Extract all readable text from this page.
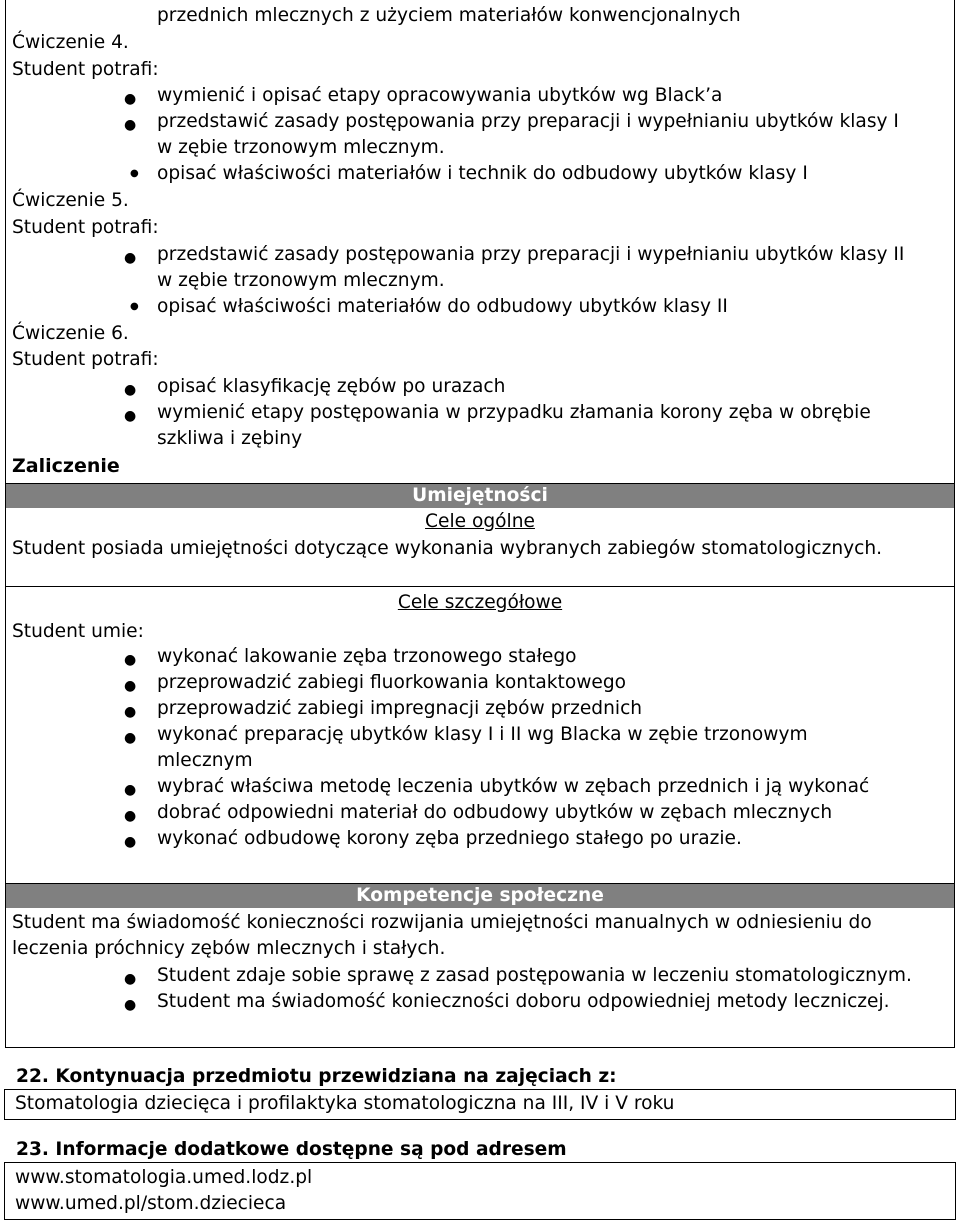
przednich mlecznych z użyciem materiałów konwencjonalnych
Ćwiczenie 4.
Student potrafi:
● wymienić i opisać etapy opracowywania ubytków wg Black’a
● przedstawić zasady postępowania przy preparacji i wypełnianiu ubytków klasy I
w zębie trzonowym mlecznym.
● opisać właściwości materiałów i technik do odbudowy ubytków klasy I
Ćwiczenie 5.
Student potrafi:
● przedstawić zasady postępowania przy preparacji i wypełnianiu ubytków klasy II
w zębie trzonowym mlecznym.
● opisać właściwości materiałów do odbudowy ubytków klasy II
Ćwiczenie 6.
Student potrafi:
● opisać klasyfikację zębów po urazach
● wymienić etapy postępowania w przypadku złamania korony zęba w obrębie
szkliwa i zębiny
Zaliczenie
Umiejętności
Cele ogólne
Student posiada umiejętności dotyczące wykonania wybranych zabiegów stomatologicznych.
Cele szczegółowe
Student umie:
● wykonać lakowanie zęba trzonowego stałego
● przeprowadzić zabiegi fluorkowania kontaktowego
● przeprowadzić zabiegi impregnacji zębów przednich
● wykonać preparację ubytków klasy I i II wg Blacka w zębie trzonowym
mlecznym
● wybrać właściwa metodę leczenia ubytków w zębach przednich i ją wykonać
● dobrać odpowiedni materiał do odbudowy ubytków w zębach mlecznych
● wykonać odbudowę korony zęba przedniego stałego po urazie.
Kompetencje społeczne
Student ma świadomość konieczności rozwijania umiejętności manualnych w odniesieniu do
leczenia próchnicy zębów mlecznych i stałych.
● Student zdaje sobie sprawę z zasad postępowania w leczeniu stomatologicznym.
● Student ma świadomość konieczności doboru odpowiedniej metody leczniczej.
22. Kontynuacja przedmiotu przewidziana na zajęciach z:
Stomatologia dziecięca i profilaktyka stomatologiczna na III, IV i V roku
23. Informacje dodatkowe dostępne są pod adresem
www.stomatologia.umed.lodz.pl
www.umed.pl/stom.dziecieca
